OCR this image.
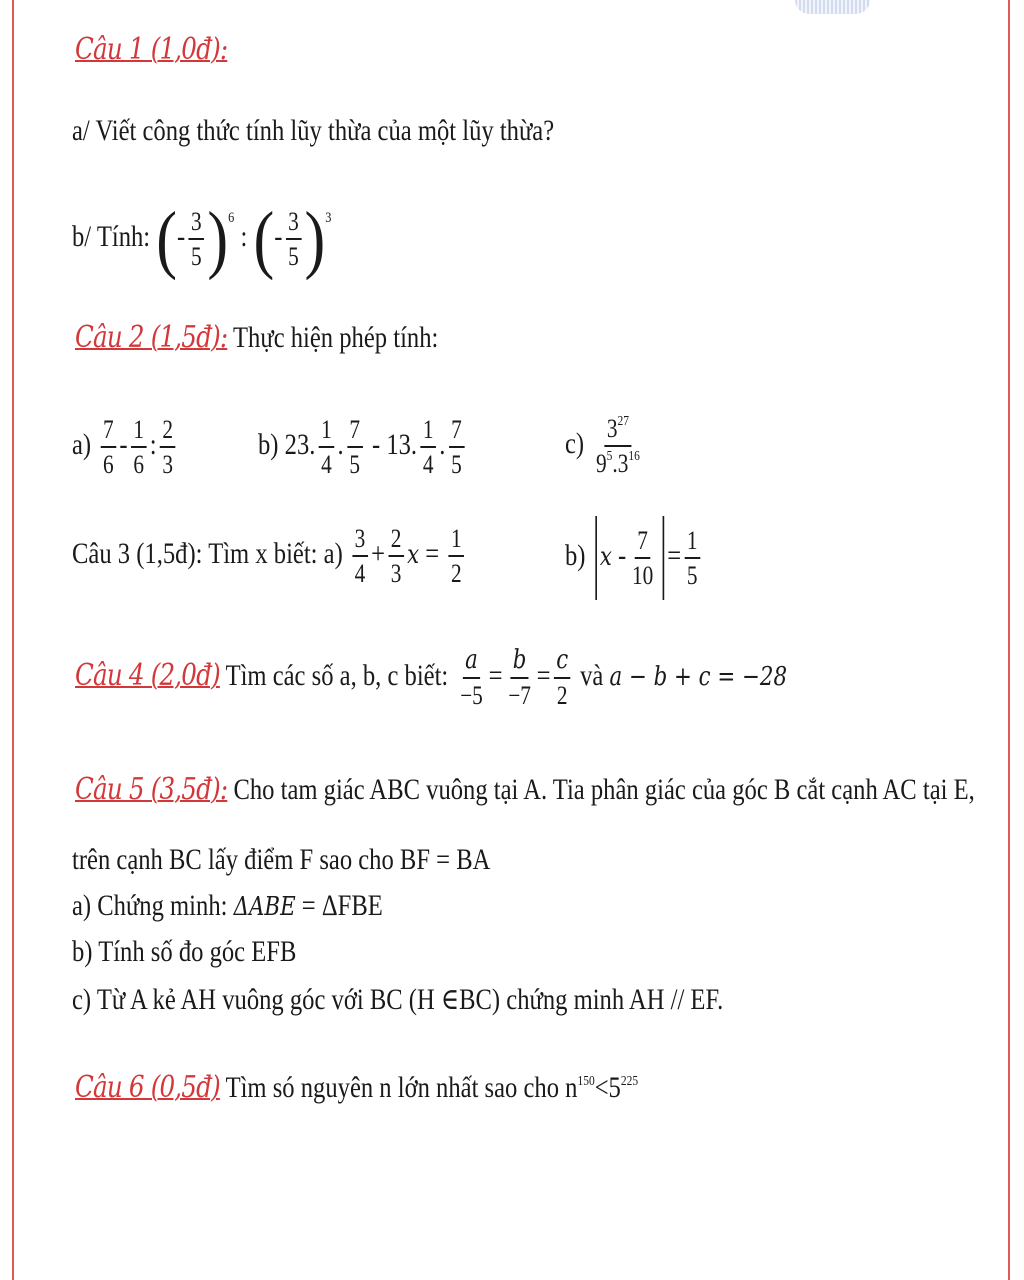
Câu 1 (1,0đ):
a/ Viết công thức tính lũy thừa của một lũy thừa?
b/ Tính: (- $\frac{3}{5} )^6$ : (- $\frac{3}{5} )^3$
Câu 2 (1,5đ): Thực hiện phép tính:
$a) \frac{7}{6} - \frac{1}{6}$ : $\frac{2}{3}$	b) 23. $\frac{1}{4}$ . $\frac{7}{5} - 13$. $\frac{1}{4}$ . $\frac{7}{5}$	$c) \frac{3^{27}}{9^5.3^{16}}$
Câu 3 (1,5đ): Tìm x biết: $a) \frac{3}{4} + \frac{2}{3}$ $x = \frac{1}{2}$	b) $x - \frac{7}{10} = \frac{1}{5}$
Câu 4 (2,0đ) Tìm các số a, b, c biết: $\frac{a}{-5} = \frac{b}{-7} = \frac{c}{2}$ và a − b + c = −28
Câu 5 (3,5đ): Cho tam giác ABC vuông tại A. Tia phân giác của góc B cắt cạnh AC tại E,
trên cạnh BC lấy điểm F sao cho BF = BA
a) Chứng minh: ΔABE = ΔFBE
b) Tính số đo góc EFB
c) Từ A kẻ AH vuông góc với BC (H ∈BC) chứng minh AH // EF.
Câu 6 (0,5đ) Tìm só nguyên n lớn nhất sao cho $n^{150}<5^{225}$
